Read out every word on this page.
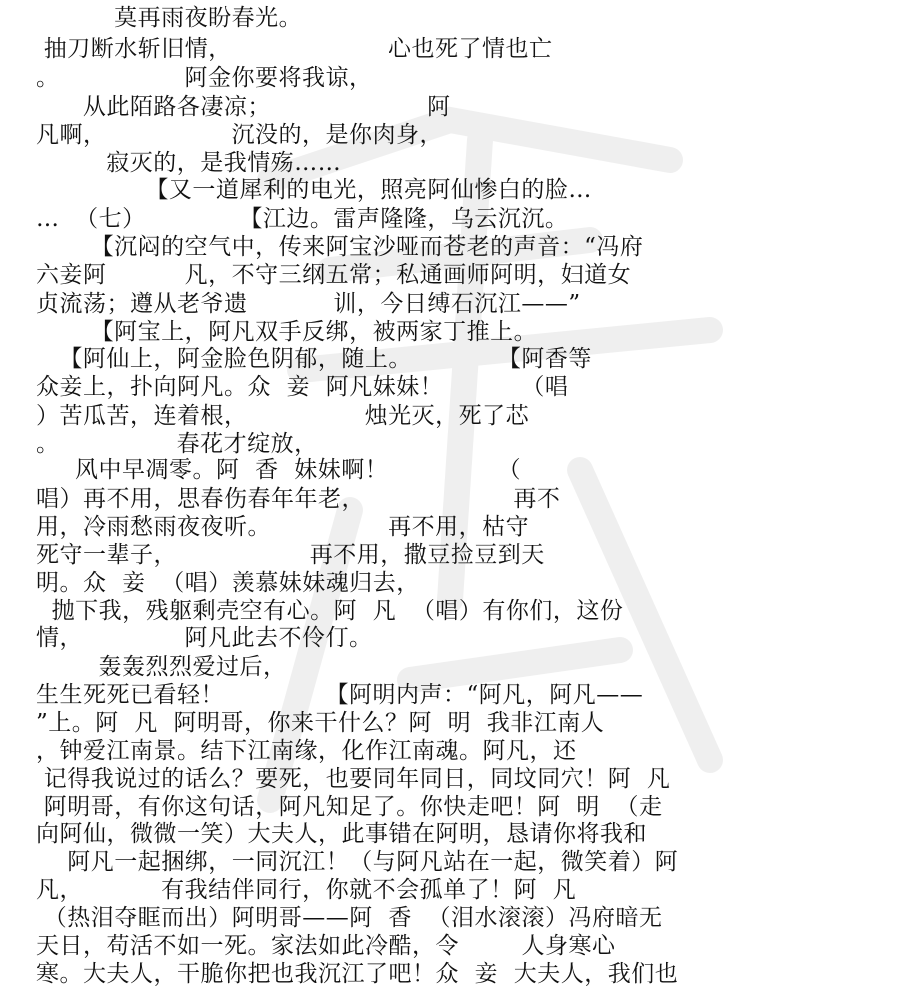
莫再雨夜盼春光。
抽刀断水斩旧情，                    心也死了情也亡
。                阿金你要将我谅，
从此陌路各凄凉；                    阿
凡啊，                沉没的，是你肉身，
寂灭的，是我情殇……
【又一道犀利的电光，照亮阿仙惨白的脸…
…  （七）            【江边。雷声隆隆，乌云沉沉。
【沉闷的空气中，传来阿宝沙哑而苍老的声音：“冯府
六妾阿          凡，不守三纲五常；私通画师阿明，妇道女
贞流荡；遵从老爷遗           训，今日缚石沉江——”
【阿宝上，阿凡双手反绑，被两家丁推上。
【阿仙上，阿金脸色阴郁，随上。           【阿香等
众妾上，扑向阿凡。众  妾  阿凡妹妹！          （唱
）苦瓜苦，连着根，               烛光灭，死了芯
。               春花才绽放，
风中早凋零。阿  香  妹妹啊！              （
唱）再不用，思春伤春年年老，                   再不
用，冷雨愁雨夜夜听。               再不用，枯守
死守一辈子，                 再不用，撒豆捡豆到天
明。众  妾  （唱）羡慕妹妹魂归去，
抛下我，残躯剩壳空有心。阿  凡  （唱）有你们，这份
情，             阿凡此去不伶仃。
轰轰烈烈爱过后，
生生死死已看轻！             【阿明内声：“阿凡，阿凡——
”上。阿  凡  阿明哥，你来干什么？阿  明  我非江南人
，钟爱江南景。结下江南缘，化作江南魂。阿凡，还
记得我说过的话么？要死，也要同年同日，同坟同穴！阿  凡
阿明哥，有你这句话，阿凡知足了。你快走吧！阿  明  （走
向阿仙，微微一笑）大夫人，此事错在阿明，恳请你将我和
阿凡一起捆绑，一同沉江！（与阿凡站在一起，微笑着）阿
凡，          有我结伴同行，你就不会孤单了！阿  凡
（热泪夺眶而出）阿明哥——阿  香  （泪水滚滚）冯府暗无
天日，苟活不如一死。家法如此冷酷，令        人身寒心
寒。大夫人，干脆你把也我沉江了吧！众  妾  大夫人，我们也
